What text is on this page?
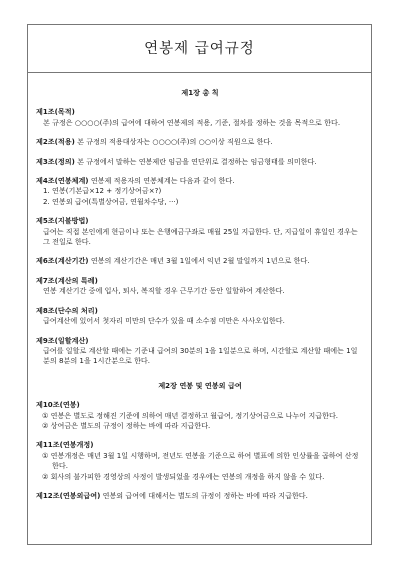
연봉제 급여규정
제1장 총 칙
제1조(목적)
본 규정은 ○○○○(주)의 급여에 대하여 연봉제의 적용, 기준, 절차를 정하는 것을 목적으로 한다.
제2조(적용) 본 규정의 적용대상자는 ○○○○(주)의 ○○이상 직원으로 한다.
제3조(정의) 본 규정에서 말하는 연봉제란 임금을 연단위로 결정하는 임금형태를 의미한다.
제4조(연봉체계) 연봉제 적용자의 연봉체계는 다음과 같이 한다.
1. 연봉(기본급×12 + 정기상여금×?)
2. 연봉외 급여(특별상여금, 연월차수당, ···)
제5조(지불방법)
급여는 직접 본인에게 현금이나 또는 은행예금구좌로 매월 25일 지급한다. 단, 지급일이 휴일인 경우는 그 전일로 한다.
제6조(계산기간) 연봉의 계산기간은 매년 3월 1일에서 익년 2월 말일까지 1년으로 한다.
제7조(계산의 특례)
연봉 계산기간 중에 입사, 퇴사, 복직할 경우 근무기간 동안 일할하여 계산한다.
제8조(단수의 처리)
급여계산에 있어서 첫자리 미만의 단수가 있을 때 소수점 미만은 사사오입한다.
제9조(일할계산)
급여를 일할로 계산할 때에는 기준내 급여의 30분의 1을 1일분으로 하며, 시간할로 계산할 때에는 1일분의 8분의 1을 1시간분으로 한다.
제2장 연봉 및 연봉외 급여
제10조(연봉)
① 연봉은 별도로 정해진 기준에 의하여 매년 결정하고 월급여, 정기상여금으로 나누어 지급한다.
② 상여금은 별도의 규정이 정하는 바에 따라 지급한다.
제11조(연봉개정)
① 연봉개정은 매년 3월 1일 시행하며, 전년도 연봉을 기준으로 하여 별표에 의한 인상률을 곱하여 산정한다.
② 회사의 불가피한 경영상의 사정이 발생되었을 경우에는 연봉의 개정을 하지 않을 수 있다.
제12조(연봉외급여) 연봉외 급여에 대해서는 별도의 규정이 정하는 바에 따라 지급한다.
